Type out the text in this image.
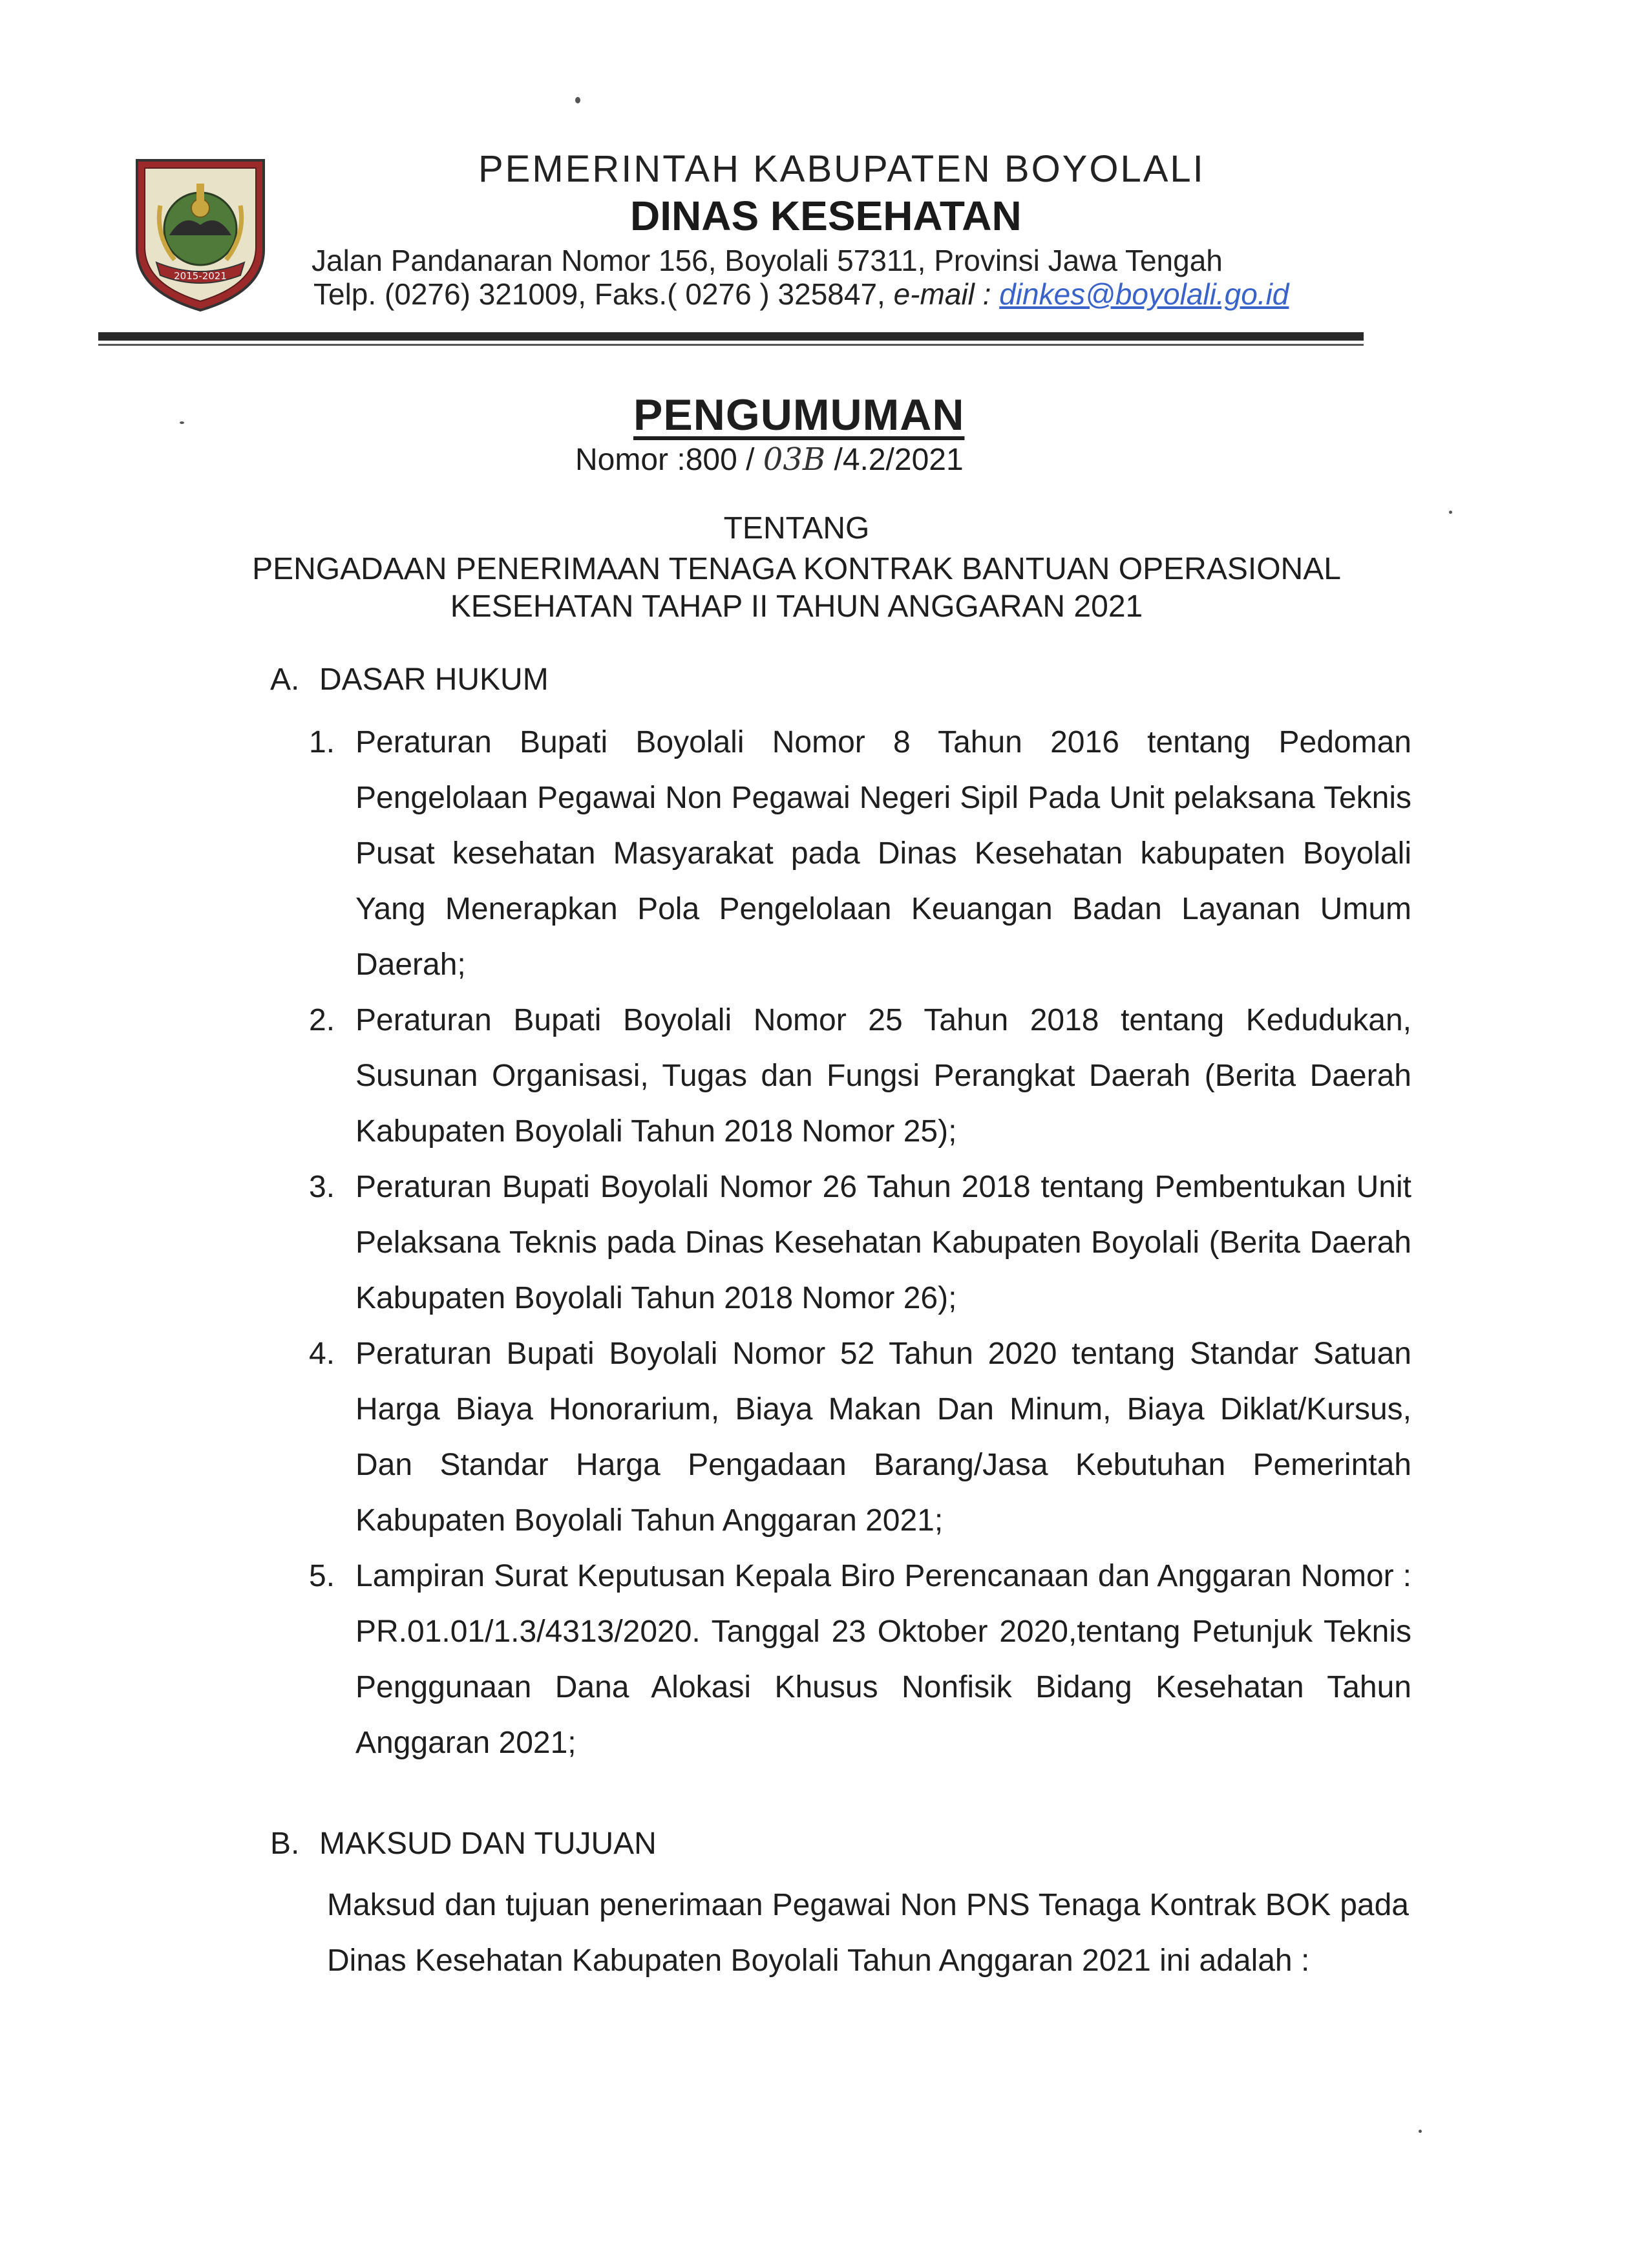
2015-2021
PEMERINTAH KABUPATEN BOYOLALI
DINAS KESEHATAN
Jalan Pandanaran Nomor 156, Boyolali 57311, Provinsi Jawa Tengah
Telp. (0276) 321009, Faks.( 0276 ) 325847, e-mail : dinkes@boyolali.go.id
PENGUMUMAN
Nomor :800 / 03B /4.2/2021
TENTANG
PENGADAAN PENERIMAAN TENAGA KONTRAK BANTUAN OPERASIONAL
KESEHATAN TAHAP II TAHUN ANGGARAN 2021
A. DASAR HUKUM
1. Peraturan Bupati Boyolali Nomor 8 Tahun 2016 tentang Pedoman Pengelolaan Pegawai Non Pegawai Negeri Sipil Pada Unit pelaksana Teknis Pusat kesehatan Masyarakat pada Dinas Kesehatan kabupaten Boyolali Yang Menerapkan Pola Pengelolaan Keuangan Badan Layanan Umum Daerah;
2. Peraturan Bupati Boyolali Nomor 25 Tahun 2018 tentang Kedudukan, Susunan Organisasi, Tugas dan Fungsi Perangkat Daerah (Berita Daerah Kabupaten Boyolali Tahun 2018 Nomor 25);
3. Peraturan Bupati Boyolali Nomor 26 Tahun 2018 tentang Pembentukan Unit Pelaksana Teknis pada Dinas Kesehatan Kabupaten Boyolali (Berita Daerah Kabupaten Boyolali Tahun 2018 Nomor 26);
4. Peraturan Bupati Boyolali Nomor 52 Tahun 2020 tentang Standar Satuan Harga Biaya Honorarium, Biaya Makan Dan Minum, Biaya Diklat/Kursus, Dan Standar Harga Pengadaan Barang/Jasa Kebutuhan Pemerintah Kabupaten Boyolali Tahun Anggaran 2021;
5. Lampiran Surat Keputusan Kepala Biro Perencanaan dan Anggaran Nomor : PR.01.01/1.3/4313/2020. Tanggal 23 Oktober 2020,tentang Petunjuk Teknis Penggunaan Dana Alokasi Khusus Nonfisik Bidang Kesehatan Tahun Anggaran 2021;
B. MAKSUD DAN TUJUAN
Maksud dan tujuan penerimaan Pegawai Non PNS Tenaga Kontrak BOK pada Dinas Kesehatan Kabupaten Boyolali Tahun Anggaran 2021 ini adalah :
